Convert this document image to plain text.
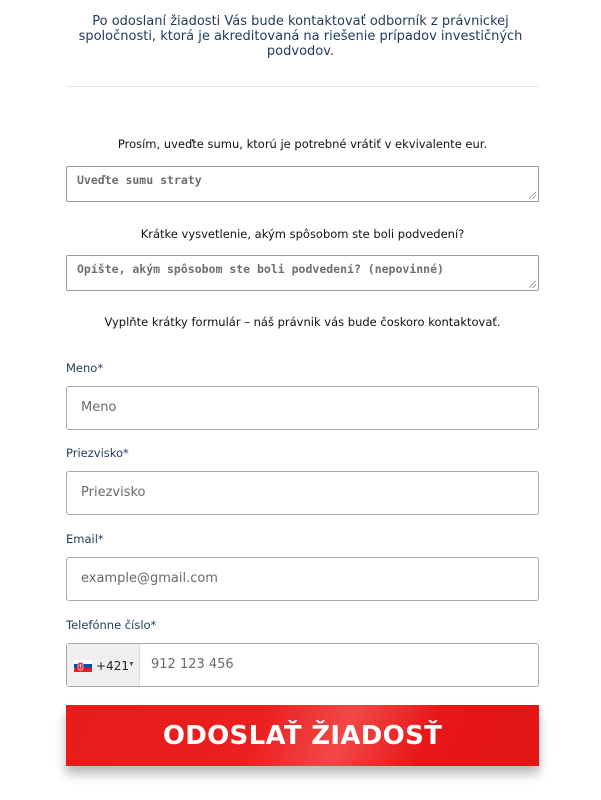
Po odoslaní žiadosti Vás bude kontaktovať odborník z právnickej spoločnosti, ktorá je akreditovaná na riešenie prípadov investičných podvodov.
Prosím, uveďte sumu, ktorú je potrebné vrátiť v ekvivalente eur.
Uveďte sumu straty
Krátke vysvetlenie, akým spôsobom ste boli podvedení?
Opíšte, akým spôsobom ste boli podvedení? (nepovinné)
Vyplňte krátky formulár – náš právnik vás bude čoskoro kontaktovať.
Meno*
Meno
Priezvisko*
Priezvisko
Email*
example@gmail.com
Telefónne číslo*
+421 ▼ 912 123 456
ODOSLAŤ ŽIADOSŤ
